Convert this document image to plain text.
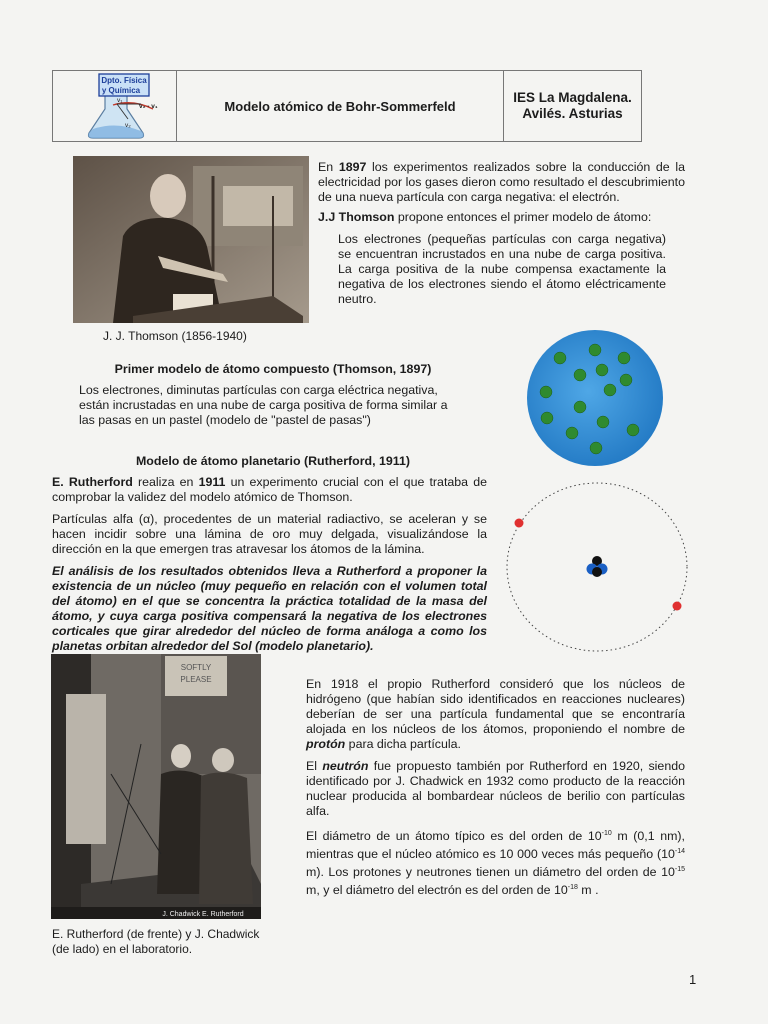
Dpto. Física
y Química
v₁
v₂ - v₁
v₂
Modelo atómico de Bohr-Sommerfeld
IES La Magdalena.
Avilés. Asturias
J. J. Thomson (1856-1940)

En 1897 los experimentos realizados sobre la conducción de la electricidad por los gases dieron como resultado el descubrimiento de una nueva partícula con carga negativa: el electrón.

J.J Thomson propone entonces el primer modelo de átomo:

Los electrones (pequeñas partículas con carga negativa) se encuentran incrustados en una nube de carga positiva. La carga positiva de la nube compensa exactamente la negativa de los electrones siendo el átomo eléctricamente neutro.
Primer modelo de átomo compuesto (Thomson, 1897)
Los electrones, diminutas partículas con carga eléctrica negativa, están incrustadas en una nube de carga positiva de forma similar a las pasas en un pastel (modelo de "pastel de pasas")
Modelo de átomo planetario (Rutherford, 1911)

E. Rutherford realiza en 1911 un experimento crucial con el que trataba de comprobar la validez del modelo atómico de Thomson.

Partículas alfa (α), procedentes de un material radiactivo, se aceleran y se hacen incidir sobre una lámina de oro muy delgada, visualizándose la dirección en la que emergen tras atravesar los átomos de la lámina.

El análisis de los resultados obtenidos lleva a Rutherford a proponer la existencia de un núcleo (muy pequeño en relación con el volumen total del átomo) en el que se concentra la práctica totalidad de la masa del átomo, y cuya carga positiva compensará la negativa de los electrones corticales que girar alrededor del núcleo de forma análoga a como los planetas orbitan alrededor del Sol (modelo planetario).

SOFTLY
PLEASE
J. Chadwick E. Rutherford
E. Rutherford (de frente) y J. Chadwick (de lado) en el laboratorio.

En 1918 el propio Rutherford consideró que los núcleos de hidrógeno (que habían sido identificados en reacciones nucleares) deberían de ser una partícula fundamental que se encontraría alojada en los núcleos de los átomos, proponiendo el nombre de protón para dicha partícula.

El neutrón fue propuesto también por Rutherford en 1920, siendo identificado por J. Chadwick en 1932 como producto de la reacción nuclear producida al bombardear núcleos de berilio con partículas alfa.

El diámetro de un átomo típico es del orden de $10^{-10}$ m (0,1 nm), mientras que el núcleo atómico es 10 000 veces más pequeño ($10^{-14}$ m). Los protones y neutrones tienen un diámetro del orden de $10^{-15}$ m, y el diámetro del electrón es del orden de $10^{-18}$ m .

1
